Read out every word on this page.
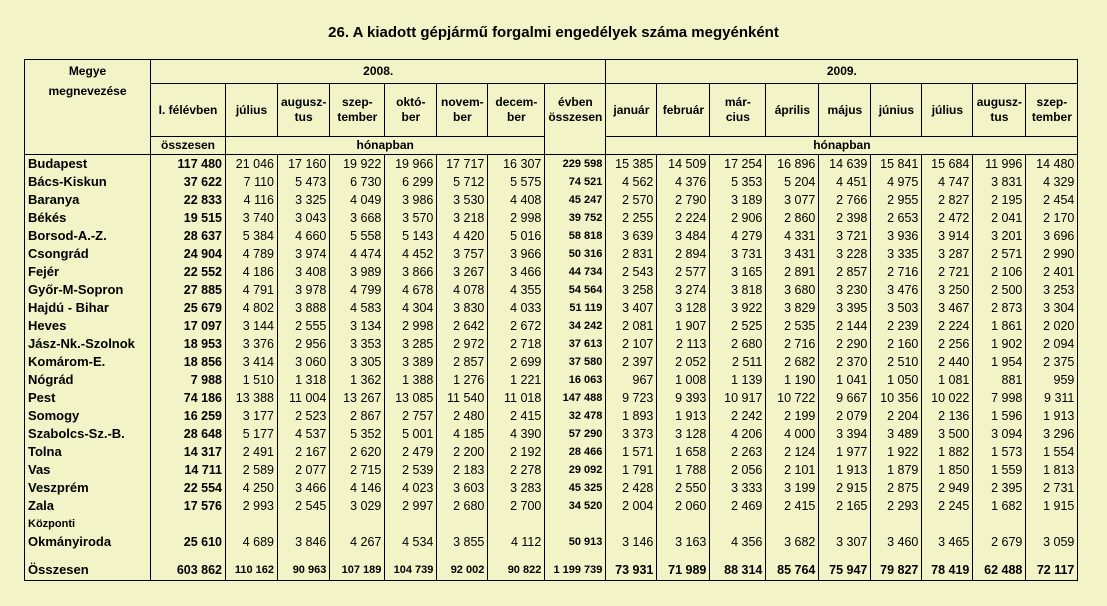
26. A kiadott gépjármű forgalmi engedélyek száma megyénként
Megye	2008.								2009.								
megnevezése	I. félévben	július	augusz-tus	szep-tember	októ-ber	novem-ber	decem-ber	évben összesen	január	február	már-cius	április	május	június	július	augusz-tus	szep-tember
	összesen	hónapban							hónapban								
Budapest	117 480	21 046	17 160	19 922	19 966	17 717	16 307	229 598	15 385	14 509	17 254	16 896	14 639	15 841	15 684	11 996	14 480
Bács-Kiskun	37 622	7 110	5 473	6 730	6 299	5 712	5 575	74 521	4 562	4 376	5 353	5 204	4 451	4 975	4 747	3 831	4 329
Baranya	22 833	4 116	3 325	4 049	3 986	3 530	4 408	45 247	2 570	2 790	3 189	3 077	2 766	2 955	2 827	2 195	2 454
Békés	19 515	3 740	3 043	3 668	3 570	3 218	2 998	39 752	2 255	2 224	2 906	2 860	2 398	2 653	2 472	2 041	2 170
Borsod-A.-Z.	28 637	5 384	4 660	5 558	5 143	4 420	5 016	58 818	3 639	3 484	4 279	4 331	3 721	3 936	3 914	3 201	3 696
Csongrád	24 904	4 789	3 974	4 474	4 452	3 757	3 966	50 316	2 831	2 894	3 731	3 431	3 228	3 335	3 287	2 571	2 990
Fejér	22 552	4 186	3 408	3 989	3 866	3 267	3 466	44 734	2 543	2 577	3 165	2 891	2 857	2 716	2 721	2 106	2 401
Győr-M-Sopron	27 885	4 791	3 978	4 799	4 678	4 078	4 355	54 564	3 258	3 274	3 818	3 680	3 230	3 476	3 250	2 500	3 253
Hajdú - Bihar	25 679	4 802	3 888	4 583	4 304	3 830	4 033	51 119	3 407	3 128	3 922	3 829	3 395	3 503	3 467	2 873	3 304
Heves	17 097	3 144	2 555	3 134	2 998	2 642	2 672	34 242	2 081	1 907	2 525	2 535	2 144	2 239	2 224	1 861	2 020
Jász-Nk.-Szolnok	18 953	3 376	2 956	3 353	3 285	2 972	2 718	37 613	2 107	2 113	2 680	2 716	2 290	2 160	2 256	1 902	2 094
Komárom-E.	18 856	3 414	3 060	3 305	3 389	2 857	2 699	37 580	2 397	2 052	2 511	2 682	2 370	2 510	2 440	1 954	2 375
Nógrád	7 988	1 510	1 318	1 362	1 388	1 276	1 221	16 063	967	1 008	1 139	1 190	1 041	1 050	1 081	881	959
Pest	74 186	13 388	11 004	13 267	13 085	11 540	11 018	147 488	9 723	9 393	10 917	10 722	9 667	10 356	10 022	7 998	9 311
Somogy	16 259	3 177	2 523	2 867	2 757	2 480	2 415	32 478	1 893	1 913	2 242	2 199	2 079	2 204	2 136	1 596	1 913
Szabolcs-Sz.-B.	28 648	5 177	4 537	5 352	5 001	4 185	4 390	57 290	3 373	3 128	4 206	4 000	3 394	3 489	3 500	3 094	3 296
Tolna	14 317	2 491	2 167	2 620	2 479	2 200	2 192	28 466	1 571	1 658	2 263	2 124	1 977	1 922	1 882	1 573	1 554
Vas	14 711	2 589	2 077	2 715	2 539	2 183	2 278	29 092	1 791	1 788	2 056	2 101	1 913	1 879	1 850	1 559	1 813
Veszprém	22 554	4 250	3 466	4 146	4 023	3 603	3 283	45 325	2 428	2 550	3 333	3 199	2 915	2 875	2 949	2 395	2 731
Zala	17 576	2 993	2 545	3 029	2 997	2 680	2 700	34 520	2 004	2 060	2 469	2 415	2 165	2 293	2 245	1 682	1 915

Központi
Okmányiroda	25 610	4 689	3 846	4 267	4 534	3 855	4 112	50 913	3 146	3 163	4 356	3 682	3 307	3 460	3 465	2 679	3 059
Összesen	603 862	110 162	90 963	107 189	104 739	92 002	90 822	1 199 739	73 931	71 989	88 314	85 764	75 947	79 827	78 419	62 488	72 117
